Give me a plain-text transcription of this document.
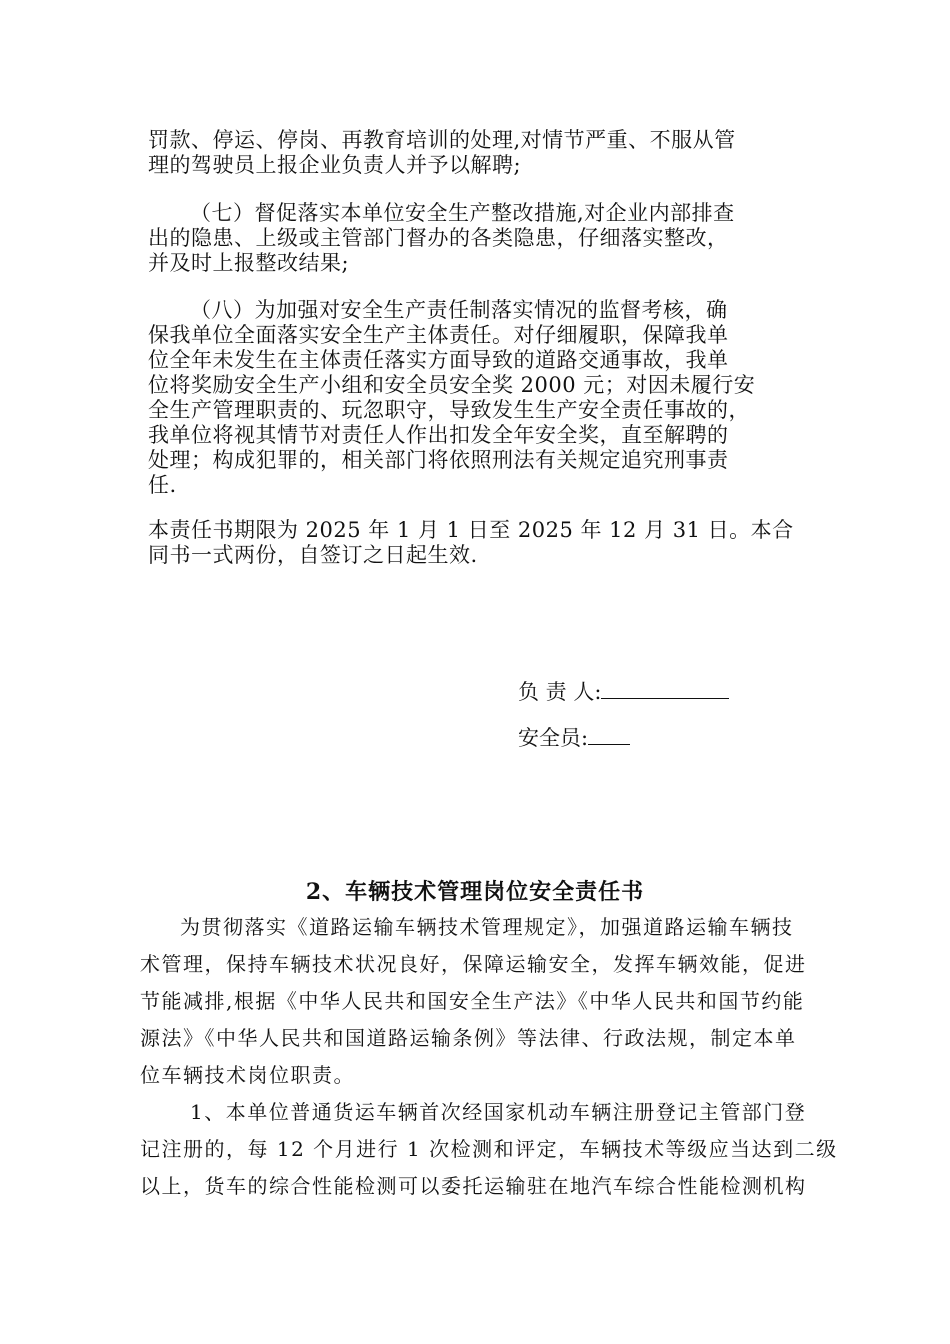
罚款、停运、停岗、再教育培训的处理,对情节严重、不服从管
理的驾驶员上报企业负责人并予以解聘;
（七）督促落实本单位安全生产整改措施,对企业内部排查
出的隐患、上级或主管部门督办的各类隐患，仔细落实整改，
并及时上报整改结果;
（八）为加强对安全生产责任制落实情况的监督考核，确
保我单位全面落实安全生产主体责任。对仔细履职，保障我单
位全年未发生在主体责任落实方面导致的道路交通事故，我单
位将奖励安全生产小组和安全员安全奖 2000 元；对因未履行安
全生产管理职责的、玩忽职守，导致发生生产安全责任事故的，
我单位将视其情节对责任人作出扣发全年安全奖，直至解聘的
处理；构成犯罪的，相关部门将依照刑法有关规定追究刑事责
任.
本责任书期限为 2025 年 1 月 1 日至 2025 年 12 月 31 日。本合
同书一式两份，自签订之日起生效.
负 责 人:
安全员:
2、车辆技术管理岗位安全责任书
为贯彻落实《道路运输车辆技术管理规定》，加强道路运输车辆技
术管理，保持车辆技术状况良好，保障运输安全，发挥车辆效能，促进
节能减排,根据《中华人民共和国安全生产法》《中华人民共和国节约能
源法》《中华人民共和国道路运输条例》等法律、行政法规，制定本单
位车辆技术岗位职责。
1、本单位普通货运车辆首次经国家机动车辆注册登记主管部门登
记注册的，每 12 个月进行 1 次检测和评定，车辆技术等级应当达到二级
以上，货车的综合性能检测可以委托运输驻在地汽车综合性能检测机构
